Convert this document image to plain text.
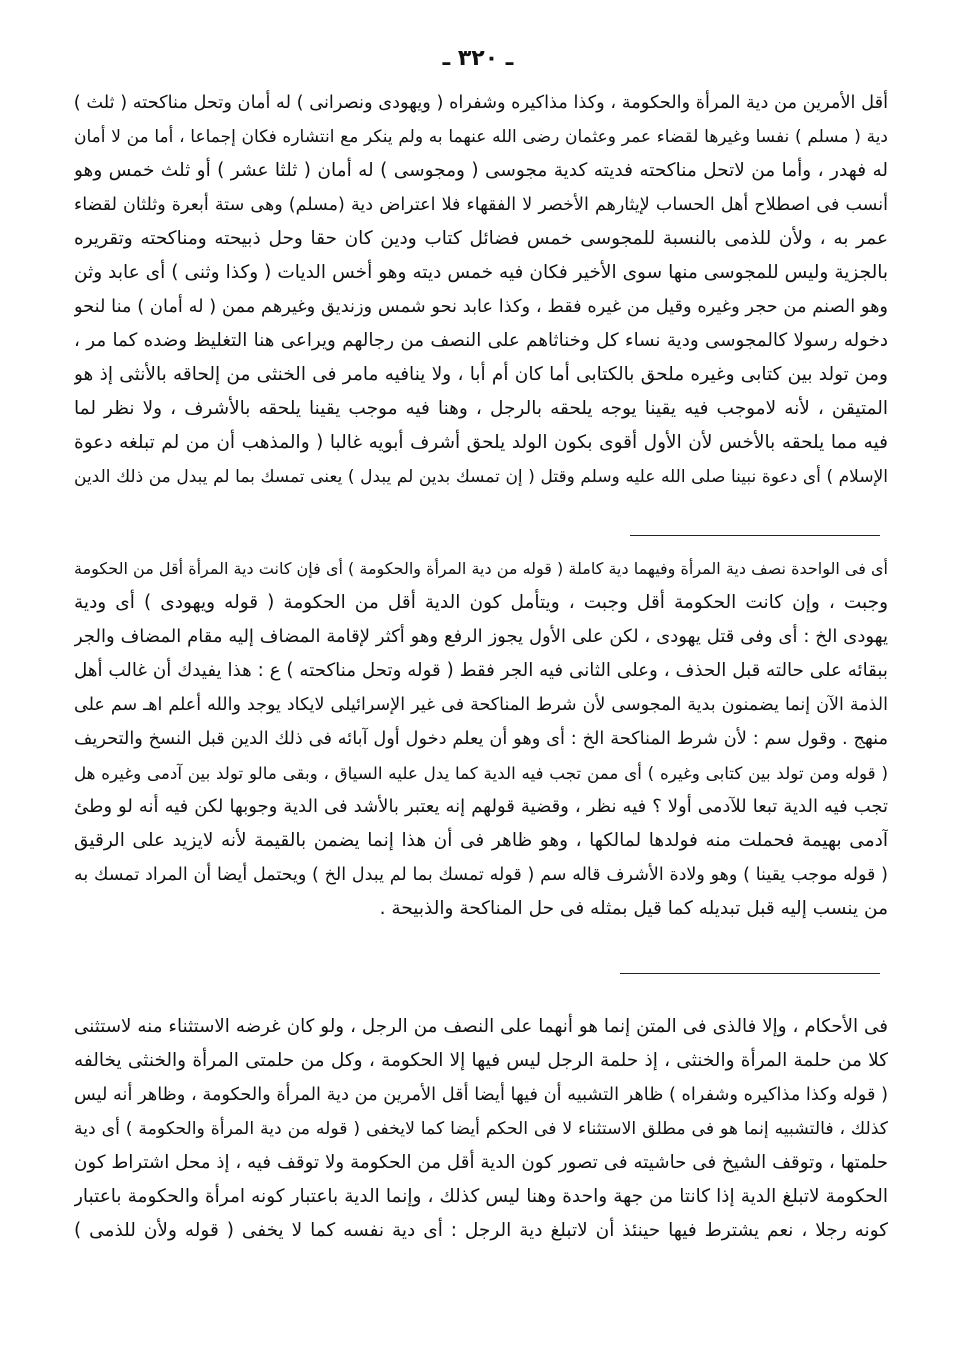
ـ ٣٢٠ ـ
أقل الأمرين من دية المرأة والحكومة ، وكذا مذاكيره وشفراه ( ويهودى ونصرانى ) له أمان وتحل مناكحته ( ثلث )
دية ( مسلم ) نفسا وغيرها لقضاء عمر وعثمان رضى الله عنهما به ولم ينكر مع انتشاره فكان إجماعا ، أما من لا أمان
له فهدر ، وأما من لاتحل مناكحته فديته كدية مجوسى ( ومجوسى ) له أمان ( ثلثا عشر ) أو ثلث خمس وهو
أنسب فى اصطلاح أهل الحساب لإيثارهم الأخصر لا الفقهاء فلا اعتراض دية (مسلم) وهى ستة أبعرة وثلثان لقضاء
عمر به ، ولأن للذمى بالنسبة للمجوسى خمس فضائل كتاب ودين كان حقا وحل ذبيحته ومناكحته وتقريره
بالجزية وليس للمجوسى منها سوى الأخير فكان فيه خمس ديته وهو أخس الديات ( وكذا وثنى ) أى عابد وثن
وهو الصنم من حجر وغيره وقيل من غيره فقط ، وكذا عابد نحو شمس وزنديق وغيرهم ممن ( له أمان ) منا لنحو
دخوله رسولا كالمجوسى ودية نساء كل وخناثاهم على النصف من رجالهم ويراعى هنا التغليظ وضده كما مر ،
ومن تولد بين كتابى وغيره ملحق بالكتابى أما كان أم أبا ، ولا ينافيه مامر فى الخنثى من إلحاقه بالأنثى إذ هو
المتيقن ، لأنه لاموجب فيه يقينا يوجه يلحقه بالرجل ، وهنا فيه موجب يقينا يلحقه بالأشرف ، ولا نظر لما
فيه مما يلحقه بالأخس لأن الأول أقوى بكون الولد يلحق أشرف أبويه غالبا ( والمذهب أن من لم تبلغه دعوة
الإسلام ) أى دعوة نبينا صلى الله عليه وسلم وقتل ( إن تمسك بدين لم يبدل ) يعنى تمسك بما لم يبدل من ذلك الدين
أى فى الواحدة نصف دية المرأة وفيهما دية كاملة ( قوله من دية المرأة والحكومة ) أى فإن كانت دية المرأة أقل من الحكومة
وجبت ، وإن كانت الحكومة أقل وجبت ، ويتأمل كون الدية أقل من الحكومة ( قوله ويهودى ) أى ودية
يهودى الخ : أى وفى قتل يهودى ، لكن على الأول يجوز الرفع وهو أكثر لإقامة المضاف إليه مقام المضاف والجر
ببقائه على حالته قبل الحذف ، وعلى الثانى فيه الجر فقط ( قوله وتحل مناكحته ) ع : هذا يفيدك أن غالب أهل
الذمة الآن إنما يضمنون بدية المجوسى لأن شرط المناكحة فى غير الإسرائيلى لايكاد يوجد والله أعلم اهـ سم على
منهج . وقول سم : لأن شرط المناكحة الخ : أى وهو أن يعلم دخول أول آبائه فى ذلك الدين قبل النسخ والتحريف
( قوله ومن تولد بين كتابى وغيره ) أى ممن تجب فيه الدية كما يدل عليه السياق ، وبقى مالو تولد بين آدمى وغيره هل
تجب فيه الدية تبعا للآدمى أولا ؟ فيه نظر ، وقضية قولهم إنه يعتبر بالأشد فى الدية وجوبها لكن فيه أنه لو وطئ
آدمى بهيمة فحملت منه فولدها لمالكها ، وهو ظاهر فى أن هذا إنما يضمن بالقيمة لأنه لايزيد على الرقيق
( قوله موجب يقينا ) وهو ولادة الأشرف قاله سم ( قوله تمسك بما لم يبدل الخ ) ويحتمل أيضا أن المراد تمسك به
من ينسب إليه قبل تبديله كما قيل بمثله فى حل المناكحة والذبيحة .
فى الأحكام ، وإلا فالذى فى المتن إنما هو أنهما على النصف من الرجل ، ولو كان غرضه الاستثناء منه لاستثنى
كلا من حلمة المرأة والخنثى ، إذ حلمة الرجل ليس فيها إلا الحكومة ، وكل من حلمتى المرأة والخنثى يخالفه
( قوله وكذا مذاكيره وشفراه ) ظاهر التشبيه أن فيها أيضا أقل الأمرين من دية المرأة والحكومة ، وظاهر أنه ليس
كذلك ، فالتشبيه إنما هو فى مطلق الاستثناء لا فى الحكم أيضا كما لايخفى ( قوله من دية المرأة والحكومة ) أى دية
حلمتها ، وتوقف الشيخ فى حاشيته فى تصور كون الدية أقل من الحكومة ولا توقف فيه ، إذ محل اشتراط كون
الحكومة لاتبلغ الدية إذا كانتا من جهة واحدة وهنا ليس كذلك ، وإنما الدية باعتبار كونه امرأة والحكومة باعتبار
كونه رجلا ، نعم يشترط فيها حينئذ أن لاتبلغ دية الرجل : أى دية نفسه كما لا يخفى ( قوله ولأن للذمى )
